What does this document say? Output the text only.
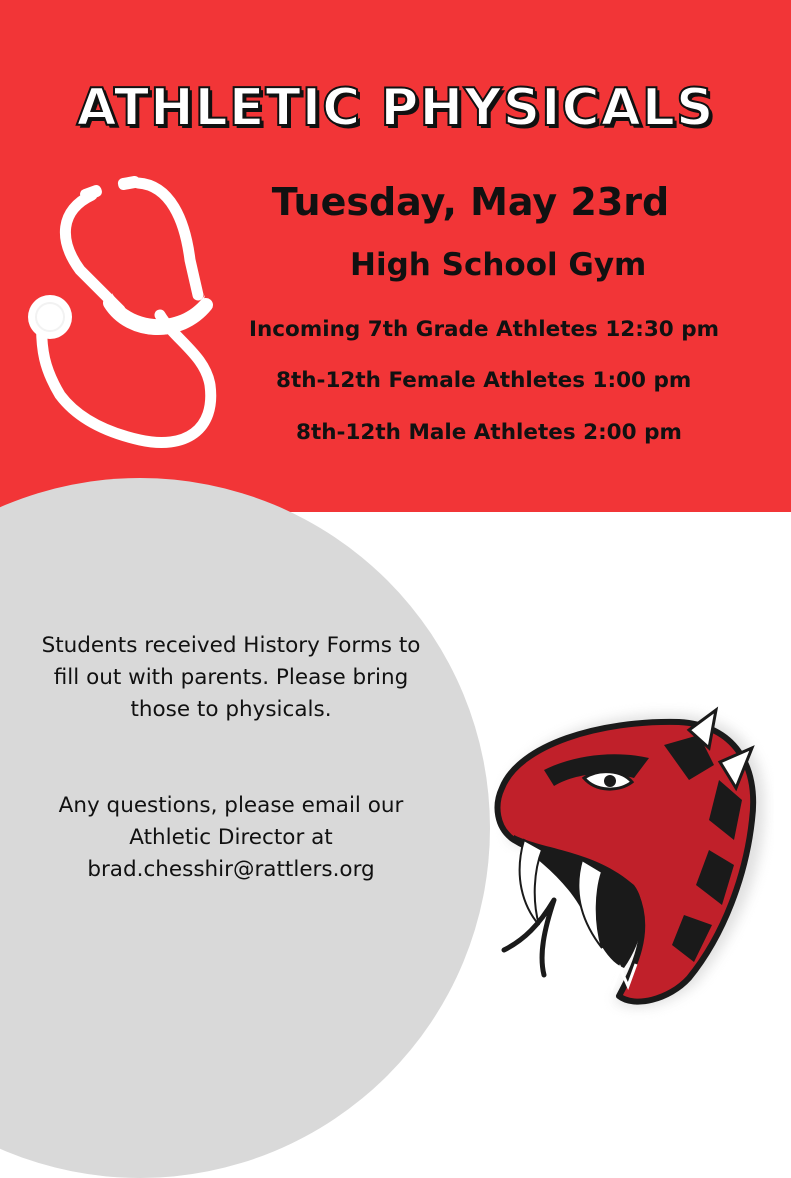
ATHLETIC PHYSICALS

Tuesday, May 23rd

High School Gym

Incoming 7th Grade Athletes 12:30 pm

8th-12th Female Athletes 1:00 pm

8th-12th Male Athletes 2:00 pm

Students received History Forms to
fill out with parents. Please bring
those to physicals.
Any questions, please email our
Athletic Director at
brad.chesshir@rattlers.org
